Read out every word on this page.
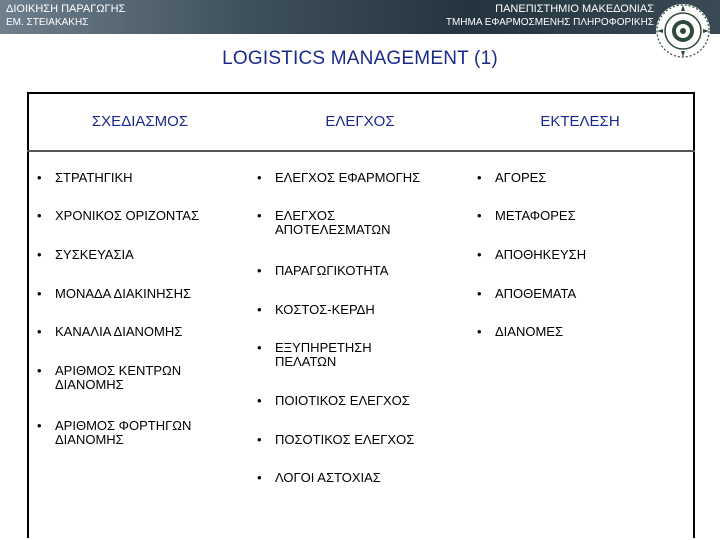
ΔΙΟΙΚΗΣΗ ΠΑΡΑΓΩΓΗΣ
ΕΜ. ΣΤΕΙΑΚΑΚΗΣ
ΠΑΝΕΠΙΣΤΗΜΙΟ ΜΑΚΕΔΟΝΙΑΣ
ΤΜΗΜΑ ΕΦΑΡΜΟΣΜΕΝΗΣ ΠΛΗΡΟΦΟΡΙΚΗΣ
LOGISTICS MANAGEMENT (1)
ΣΧΕΔΙΑΣΜΟΣ	ΕΛΕΓΧΟΣ	ΕΚΤΕΛΕΣΗ
•	ΣΤΡΑΤΗΓΙΚΗ
•	ΧΡΟΝΙΚΟΣ ΟΡΙΖΟΝΤΑΣ
•	ΣΥΣΚΕΥΑΣΙΑ
•	ΜΟΝΑΔΑ ΔΙΑΚΙΝΗΣΗΣ
•	ΚΑΝΑΛΙΑ ΔΙΑΝΟΜΗΣ
•	ΑΡΙΘΜΟΣ ΚΕΝΤΡΩΝ
ΔΙΑΝΟΜΗΣ
•	ΑΡΙΘΜΟΣ ΦΟΡΤΗΓΩΝ
ΔΙΑΝΟΜΗΣ
•	ΕΛΕΓΧΟΣ ΕΦΑΡΜΟΓΗΣ
•	ΕΛΕΓΧΟΣ
ΑΠΟΤΕΛΕΣΜΑΤΩΝ
•	ΠΑΡΑΓΩΓΙΚΟΤΗΤΑ
•	ΚΟΣΤΟΣ-ΚΕΡΔΗ
•	ΕΞΥΠΗΡΕΤΗΣΗ
ΠΕΛΑΤΩΝ
•	ΠΟΙΟΤΙΚΟΣ ΕΛΕΓΧΟΣ
•	ΠΟΣΟΤΙΚΟΣ ΕΛΕΓΧΟΣ
•	ΛΟΓΟΙ ΑΣΤΟΧΙΑΣ
•	ΑΓΟΡΕΣ
•	ΜΕΤΑΦΟΡΕΣ
•	ΑΠΟΘΗΚΕΥΣΗ
•	ΑΠΟΘΕΜΑΤΑ
•	ΔΙΑΝΟΜΕΣ
